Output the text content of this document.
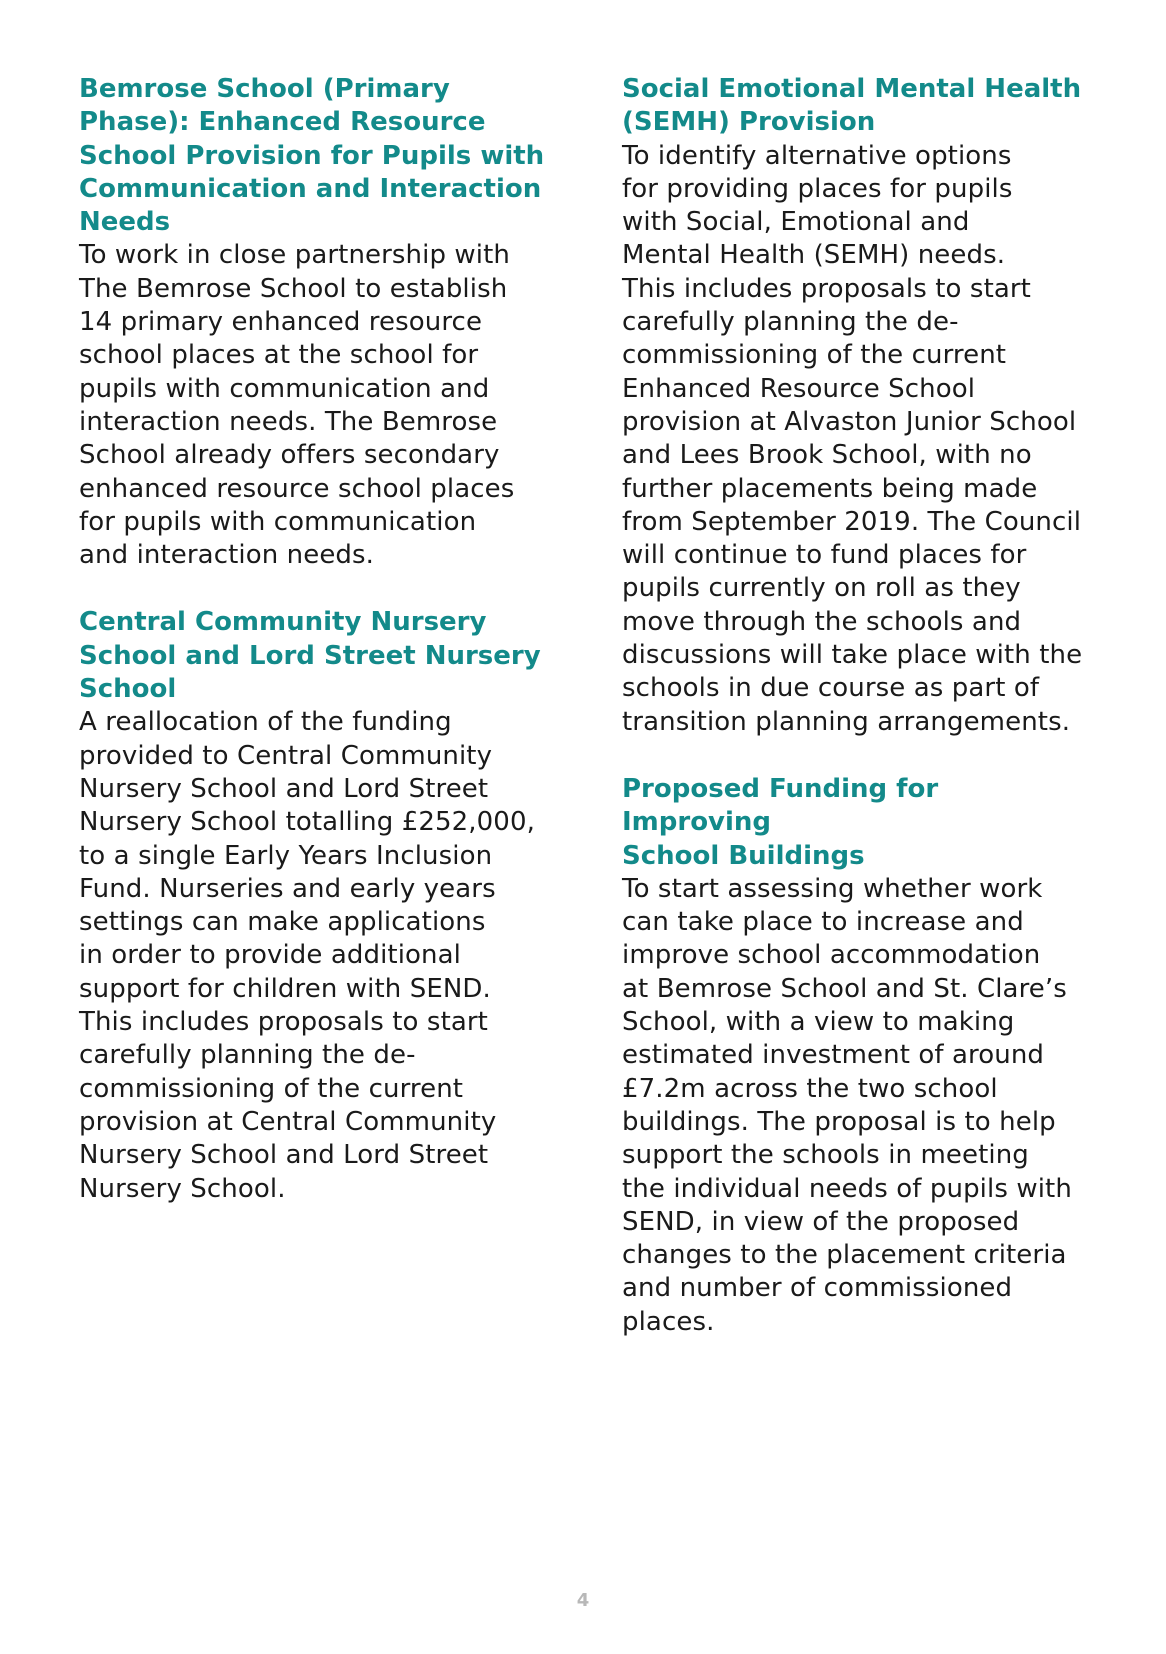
Bemrose School (Primary
Phase): Enhanced Resource
School Provision for Pupils with
Communication and Interaction
Needs
To work in close partnership with
The Bemrose School to establish
14 primary enhanced resource
school places at the school for
pupils with communication and
interaction needs. The Bemrose
School already offers secondary
enhanced resource school places
for pupils with communication
and interaction needs.
Central Community Nursery
School and Lord Street Nursery
School
A reallocation of the funding
provided to Central Community
Nursery School and Lord Street
Nursery School totalling £252,000,
to a single Early Years Inclusion
Fund. Nurseries and early years
settings can make applications
in order to provide additional
support for children with SEND.
This includes proposals to start
carefully planning the de-
commissioning of the current
provision at Central Community
Nursery School and Lord Street
Nursery School.
Social Emotional Mental Health
(SEMH) Provision
To identify alternative options
for providing places for pupils
with Social, Emotional and
Mental Health (SEMH) needs.
This includes proposals to start
carefully planning the de-
commissioning of the current
Enhanced Resource School
provision at Alvaston Junior School
and Lees Brook School, with no
further placements being made
from September 2019. The Council
will continue to fund places for
pupils currently on roll as they
move through the schools and
discussions will take place with the
schools in due course as part of
transition planning arrangements.
Proposed Funding for Improving
School Buildings
To start assessing whether work
can take place to increase and
improve school accommodation
at Bemrose School and St. Clare’s
School, with a view to making
estimated investment of around
£7.2m across the two school
buildings. The proposal is to help
support the schools in meeting
the individual needs of pupils with
SEND, in view of the proposed
changes to the placement criteria
and number of commissioned
places.
4
